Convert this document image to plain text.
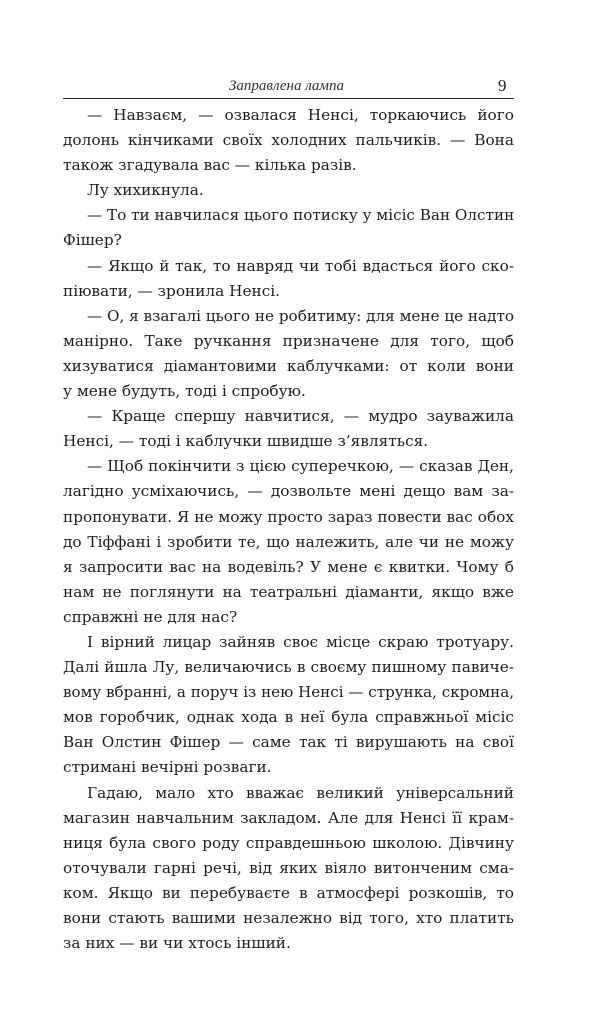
Заправлена лампа	9
— Навзаєм, — озвалася Ненсі, торкаючись його
долонь кінчиками своїх холодних пальчиків. — Вона
також згадувала вас — кілька разів.
Лу хихикнула.
— То ти навчилася цього потиску у місіс Ван Олстин
Фішер?
— Якщо й так, то навряд чи тобі вдасться його ско-
піювати, — зронила Ненсі.
— О, я взагалі цього не робитиму: для мене це надто
манірно. Таке ручкання призначене для того, щоб
хизуватися діамантовими каблучками: от коли вони
у мене будуть, тоді і спробую.
— Краще спершу навчитися, — мудро зауважила
Ненсі, — тоді і каблучки швидше з’являться.
— Щоб покінчити з цією суперечкою, — сказав Ден,
лагідно усміхаючись, — дозвольте мені дещо вам за-
пропонувати. Я не можу просто зараз повести вас обох
до Тіффані і зробити те, що належить, але чи не можу
я запросити вас на водевіль? У мене є квитки. Чому б
нам не поглянути на театральні діаманти, якщо вже
справжні не для нас?
І вірний лицар зайняв своє місце скраю тротуару.
Далі йшла Лу, величаючись в своєму пишному павиче-
вому вбранні, а поруч із нею Ненсі — струнка, скромна,
мов горобчик, однак хода в неї була справжньої місіс
Ван Олстин Фішер — саме так ті вирушають на свої
стримані вечірні розваги.
Гадаю, мало хто вважає великий універсальний
магазин навчальним закладом. Але для Ненсі її крам-
ниця була свого роду справдешньою школою. Дівчину
оточували гарні речі, від яких віяло витонченим сма-
ком. Якщо ви перебуваєте в атмосфері розкошів, то
вони стають вашими незалежно від того, хто платить
за них — ви чи хтось інший.
